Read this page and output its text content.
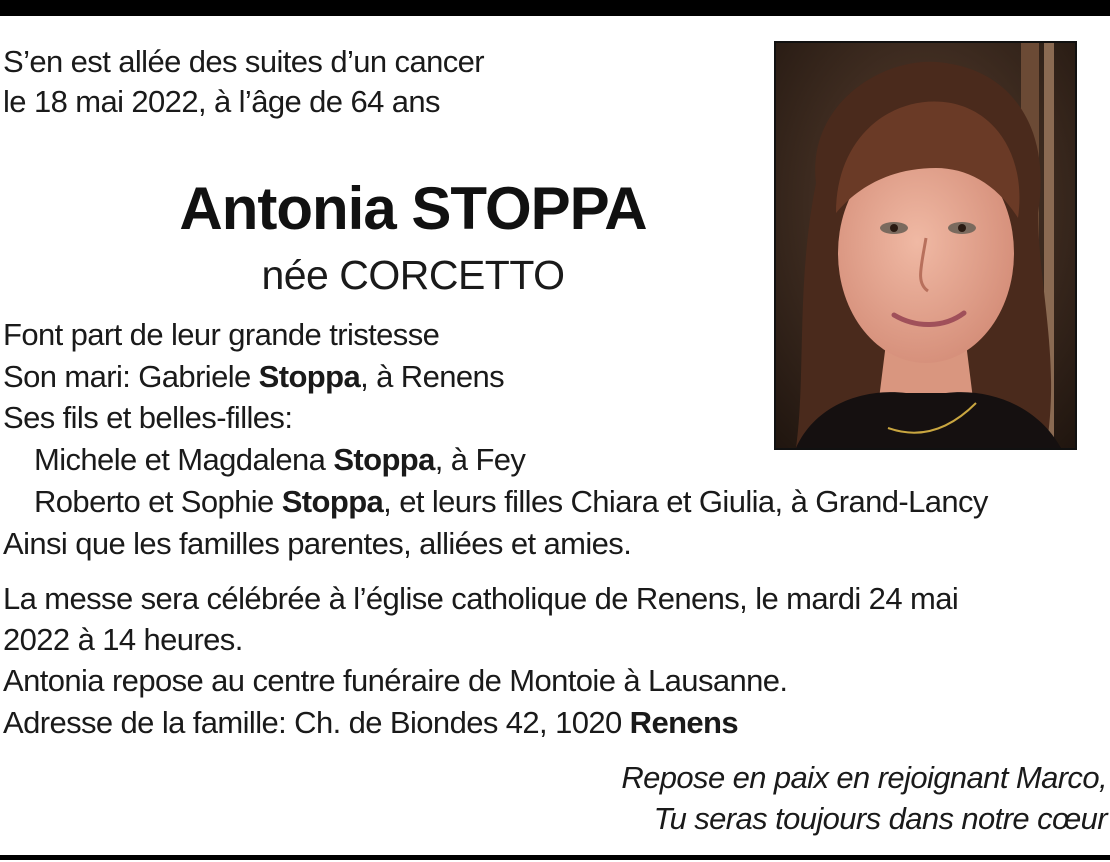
S’en est allée des suites d’un cancer
le 18 mai 2022, à l’âge de 64 ans
Antonia STOPPA
née CORCETTO
Font part de leur grande tristesse
Son mari: Gabriele Stoppa, à Renens
Ses fils et belles-filles:
Michele et Magdalena Stoppa, à Fey
Roberto et Sophie Stoppa, et leurs filles Chiara et Giulia, à Grand-Lancy
Ainsi que les familles parentes, alliées et amies.
La messe sera célébrée à l’église catholique de Renens, le mardi 24 mai
2022 à 14 heures.
Antonia repose au centre funéraire de Montoie à Lausanne.
Adresse de la famille: Ch. de Biondes 42, 1020 Renens
Repose en paix en rejoignant Marco,
Tu seras toujours dans notre cœur
